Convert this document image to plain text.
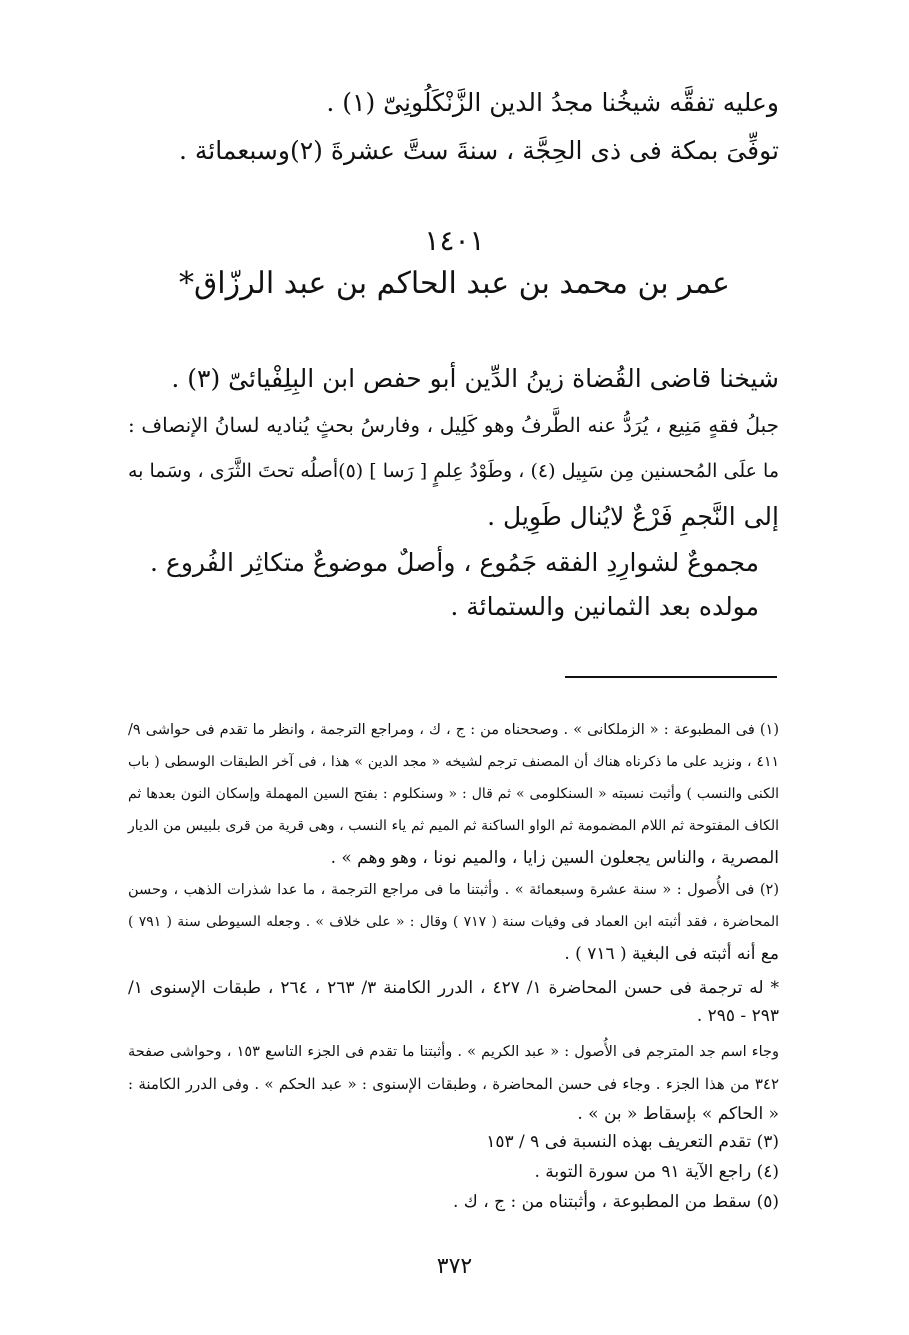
وعليه تفقَّه شيخُنا مجدُ الدين الزَّنْكَلُونِىّ (١) .
توفِّىَ بمكة فى ذى الحِجَّة ، سنةَ ستَّ عشرةَ (٢)وسبعمائة .
١٤٠١
عمر بن محمد بن عبد الحاكم بن عبد الرزّاق*
شيخنا قاضى القُضاة زينُ الدِّين أبو حفص ابن البِلِفْيائىّ (٣) .
جبلُ فقهٍ مَنِيع ، يُرَدُّ عنه الطَّرفُ وهو كَلِيل ، وفارسُ بحثٍ يُناديه لسانُ الإنصاف :
ما علَى المُحسنين مِن سَبِيل (٤) ، وطَوْدُ عِلمٍ [ رَسا ] (٥)أصلُه تحتَ الثَّرَى ، وسَما به
إلى النَّجمِ فَرْعٌ لايُنال طَوِيل .
مجموعٌ لشوارِدِ الفقه جَمُوع ، وأصلٌ موضوعٌ متكاثِر الفُروع .
مولده بعد الثمانين والستمائة .
(١) فى المطبوعة : « الزملكانى » . وصححناه من : ج ، ك ، ومراجع الترجمة ، وانظر ما تقدم فى حواشى ٩/
٤١١ ، ونزيد على ما ذكرناه هناك أن المصنف ترجم لشيخه « مجد الدين » هذا ، فى آخر الطبقات الوسطى ( باب
الكنى والنسب ) وأثبت نسبته « السنكلومى » ثم قال : « وسنكلوم : بفتح السين المهملة وإسكان النون بعدها ثم
الكاف المفتوحة ثم اللام المضمومة ثم الواو الساكنة ثم الميم ثم ياء النسب ، وهى قرية من قرى بلبيس من الديار
المصرية ، والناس يجعلون السين زايا ، والميم نونا ، وهو وهم » .
(٢) فى الأُصول : « سنة عشرة وسبعمائة » . وأثبتنا ما فى مراجع الترجمة ، ما عدا شذرات الذهب ، وحسن
المحاضرة ، فقد أثبته ابن العماد فى وفيات سنة ( ٧١٧ ) وقال : « على خلاف » . وجعله السيوطى سنة ( ٧٩١ )
مع أنه أثبته فى البغية ( ٧١٦ ) .
* له ترجمة فى حسن المحاضرة ١/ ٤٢٧ ، الدرر الكامنة ٣/ ٢٦٣ ، ٢٦٤ ، طبقات الإسنوى ١/
٢٩٣ - ٢٩٥ .
وجاء اسم جد المترجم فى الأُصول : « عبد الكريم » . وأثبتنا ما تقدم فى الجزء التاسع ١٥٣ ، وحواشى صفحة
٣٤٢ من هذا الجزء . وجاء فى حسن المحاضرة ، وطبقات الإسنوى : « عبد الحكم » . وفى الدرر الكامنة :
« الحاكم » بإسقاط « بن » .
(٣) تقدم التعريف بهذه النسبة فى ٩ / ١٥٣
(٤) راجع الآية ٩١ من سورة التوبة .
(٥) سقط من المطبوعة ، وأثبتناه من : ج ، ك .
٣٧٢
